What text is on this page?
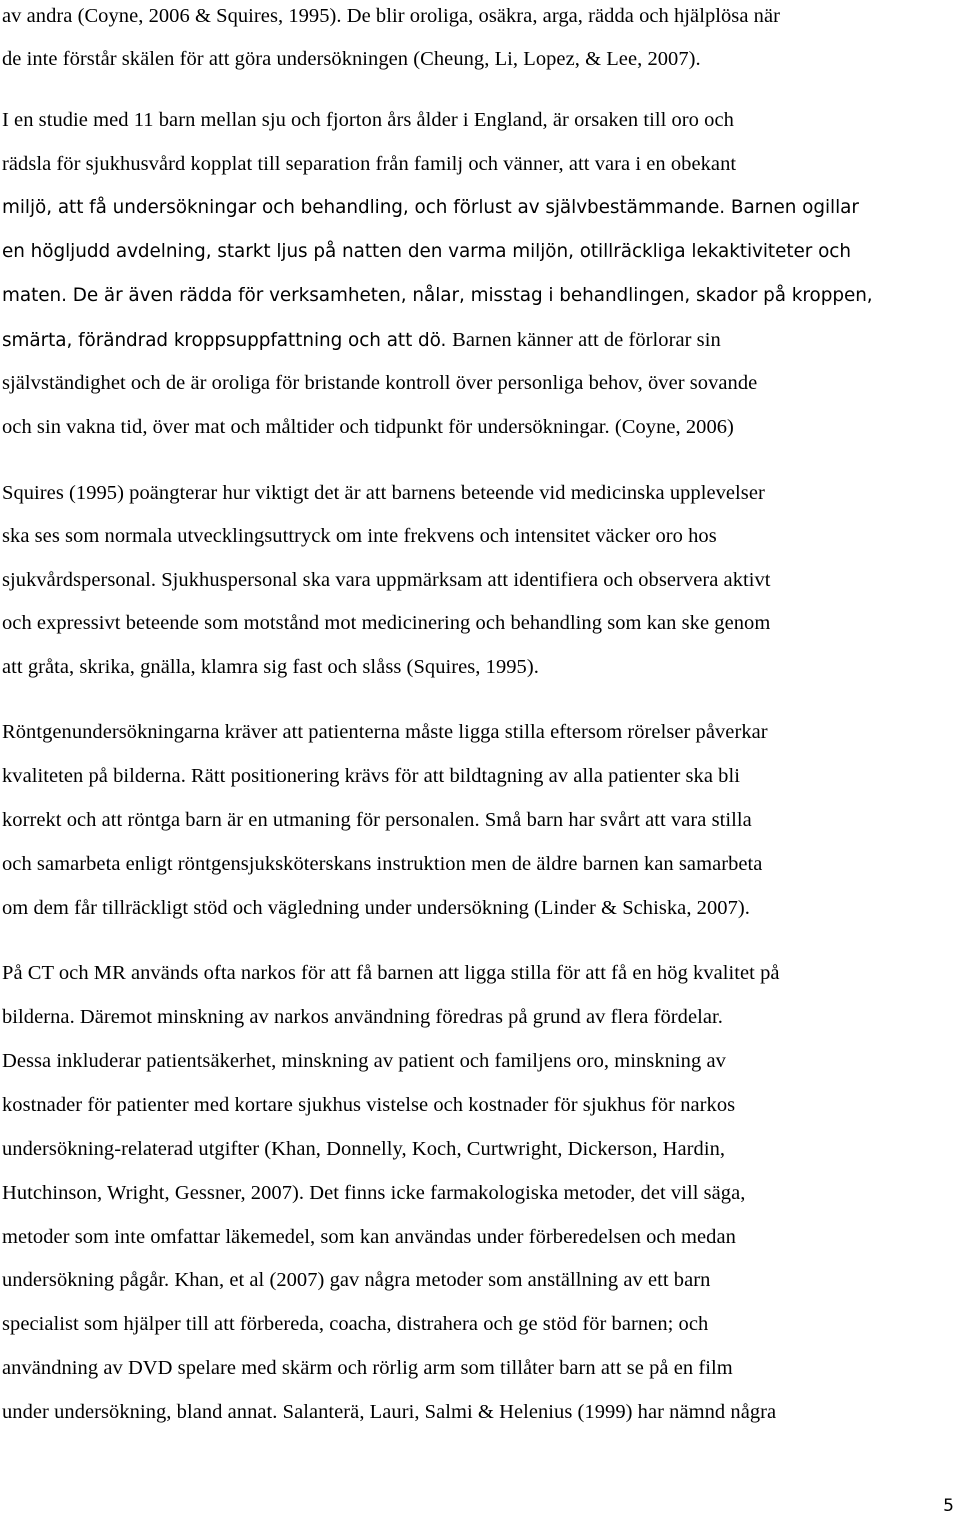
av andra (Coyne, 2006 & Squires, 1995). De blir oroliga, osäkra, arga, rädda och hjälplösa när
de inte förstår skälen för att göra undersökningen (Cheung, Li, Lopez, & Lee, 2007).
I en studie med 11 barn mellan sju och fjorton års ålder i England, är orsaken till oro och
rädsla för sjukhusvård kopplat till separation från familj och vänner, att vara i en obekant
miljö, att få undersökningar och behandling, och förlust av självbestämmande. Barnen ogillar
en högljudd avdelning, starkt ljus på natten den varma miljön, otillräckliga lekaktiviteter och
maten. De är även rädda för verksamheten, nålar, misstag i behandlingen, skador på kroppen,
smärta, förändrad kroppsuppfattning och att dö. Barnen känner att de förlorar sin
självständighet och de är oroliga för bristande kontroll över personliga behov, över sovande
och sin vakna tid, över mat och måltider och tidpunkt för undersökningar. (Coyne, 2006)
Squires (1995) poängterar hur viktigt det är att barnens beteende vid medicinska upplevelser
ska ses som normala utvecklingsuttryck om inte frekvens och intensitet väcker oro hos
sjukvårdspersonal. Sjukhuspersonal ska vara uppmärksam att identifiera och observera aktivt
och expressivt beteende som motstånd mot medicinering och behandling som kan ske genom
att gråta, skrika, gnälla, klamra sig fast och slåss (Squires, 1995).
Röntgenundersökningarna kräver att patienterna måste ligga stilla eftersom rörelser påverkar
kvaliteten på bilderna. Rätt positionering krävs för att bildtagning av alla patienter ska bli
korrekt och att röntga barn är en utmaning för personalen. Små barn har svårt att vara stilla
och samarbeta enligt röntgensjuksköterskans instruktion men de äldre barnen kan samarbeta
om dem får tillräckligt stöd och vägledning under undersökning (Linder & Schiska, 2007).
På CT och MR används ofta narkos för att få barnen att ligga stilla för att få en hög kvalitet på
bilderna. Däremot minskning av narkos användning föredras på grund av flera fördelar.
Dessa inkluderar patientsäkerhet, minskning av patient och familjens oro, minskning av
kostnader för patienter med kortare sjukhus vistelse och kostnader för sjukhus för narkos
undersökning-relaterad utgifter (Khan, Donnelly, Koch, Curtwright, Dickerson, Hardin,
Hutchinson, Wright, Gessner, 2007). Det finns icke farmakologiska metoder, det vill säga,
metoder som inte omfattar läkemedel, som kan användas under förberedelsen och medan
undersökning pågår. Khan, et al (2007) gav några metoder som anställning av ett barn
specialist som hjälper till att förbereda, coacha, distrahera och ge stöd för barnen; och
användning av DVD spelare med skärm och rörlig arm som tillåter barn att se på en film
under undersökning, bland annat. Salanterä, Lauri, Salmi & Helenius (1999) har nämnd några
5
